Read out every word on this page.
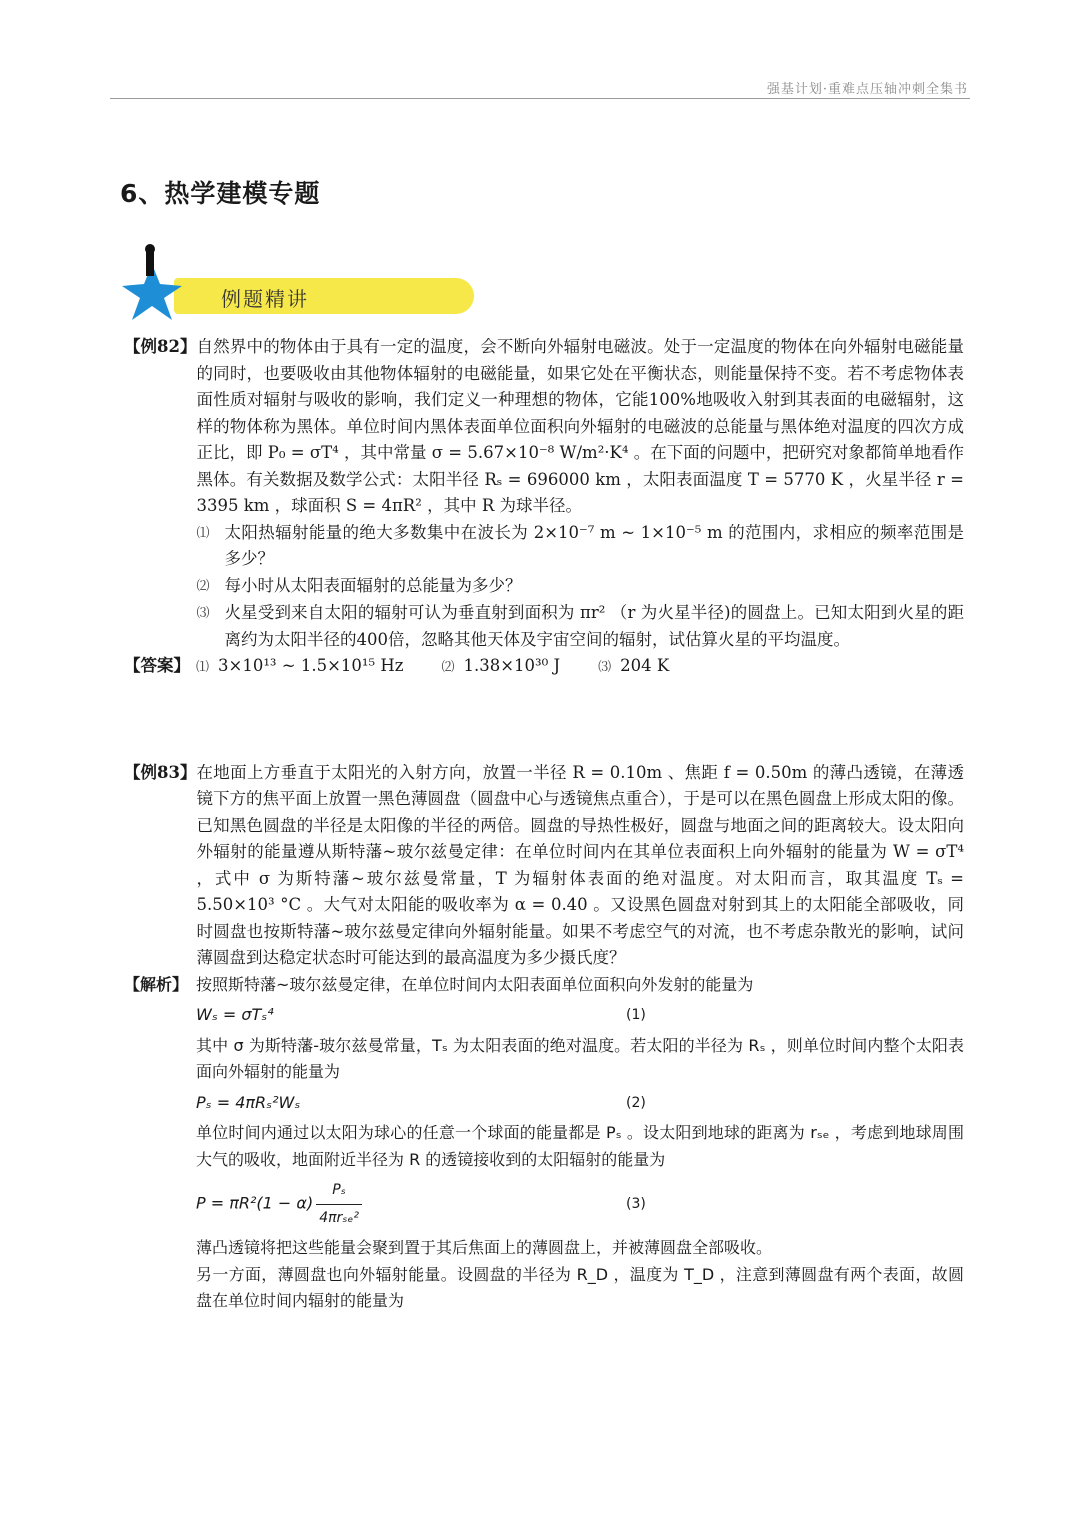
强基计划·重难点压轴冲刺全集书
6、热学建模专题
例题精讲
【例82】 自然界中的物体由于具有一定的温度，会不断向外辐射电磁波。处于一定温度的物体在向外辐射电磁能量的同时，也要吸收由其他物体辐射的电磁能量，如果它处在平衡状态，则能量保持不变。若不考虑物体表面性质对辐射与吸收的影响，我们定义一种理想的物体，它能100%地吸收入射到其表面的电磁辐射，这样的物体称为黑体。单位时间内黑体表面单位面积向外辐射的电磁波的总能量与黑体绝对温度的四次方成正比，即 P₀ = σT⁴ ，其中常量 σ = 5.67×10⁻⁸ W/m²·K⁴ 。在下面的问题中，把研究对象都简单地看作黑体。有关数据及数学公式：太阳半径 Rₛ = 696000 km ，太阳表面温度 T = 5770 K ，火星半径 r = 3395 km ，球面积 S = 4πR² ，其中 R 为球半径。
⑴ 太阳热辐射能量的绝大多数集中在波长为 2×10⁻⁷ m ~ 1×10⁻⁵ m 的范围内，求相应的频率范围是多少？
⑵ 每小时从太阳表面辐射的总能量为多少？
⑶ 火星受到来自太阳的辐射可认为垂直射到面积为 πr² （r 为火星半径)的圆盘上。已知太阳到火星的距离约为太阳半径的400倍，忽略其他天体及宇宙空间的辐射，试估算火星的平均温度。
【答案】 ⑴ 3×10¹³ ~ 1.5×10¹⁵ Hz	⑵ 1.38×10³⁰ J	⑶ 204 K
【例83】 在地面上方垂直于太阳光的入射方向，放置一半径 R = 0.10m 、焦距 f = 0.50m 的薄凸透镜，在薄透镜下方的焦平面上放置一黑色薄圆盘（圆盘中心与透镜焦点重合），于是可以在黑色圆盘上形成太阳的像。已知黑色圆盘的半径是太阳像的半径的两倍。圆盘的导热性极好，圆盘与地面之间的距离较大。设太阳向外辐射的能量遵从斯特藩~玻尔兹曼定律：在单位时间内在其单位表面积上向外辐射的能量为 W = σT⁴ ，式中 σ 为斯特藩~玻尔兹曼常量，T 为辐射体表面的绝对温度。对太阳而言，取其温度 Tₛ = 5.50×10³ °C 。大气对太阳能的吸收率为 α = 0.40 。又设黑色圆盘对射到其上的太阳能全部吸收，同时圆盘也按斯特藩~玻尔兹曼定律向外辐射能量。如果不考虑空气的对流，也不考虑杂散光的影响，试问薄圆盘到达稳定状态时可能达到的最高温度为多少摄氏度？
【解析】 按照斯特藩~玻尔兹曼定律，在单位时间内太阳表面单位面积向外发射的能量为
Wₛ = σTₛ⁴	(1)
其中 σ 为斯特藩-玻尔兹曼常量，Tₛ 为太阳表面的绝对温度。若太阳的半径为 Rₛ ，则单位时间内整个太阳表面向外辐射的能量为
Pₛ = 4πRₛ²Wₛ	(2)
单位时间内通过以太阳为球心的任意一个球面的能量都是 Pₛ 。设太阳到地球的距离为 rₛₑ ，考虑到地球周围大气的吸收，地面附近半径为 R 的透镜接收到的太阳辐射的能量为
$P = \pi R^2(1 - \alpha) \frac{\text{Pₛ}}{\text{4πrₛₑ²}}$	(3)
薄凸透镜将把这些能量会聚到置于其后焦面上的薄圆盘上，并被薄圆盘全部吸收。
另一方面，薄圆盘也向外辐射能量。设圆盘的半径为 R_D ，温度为 T_D ，注意到薄圆盘有两个表面，故圆盘在单位时间内辐射的能量为
